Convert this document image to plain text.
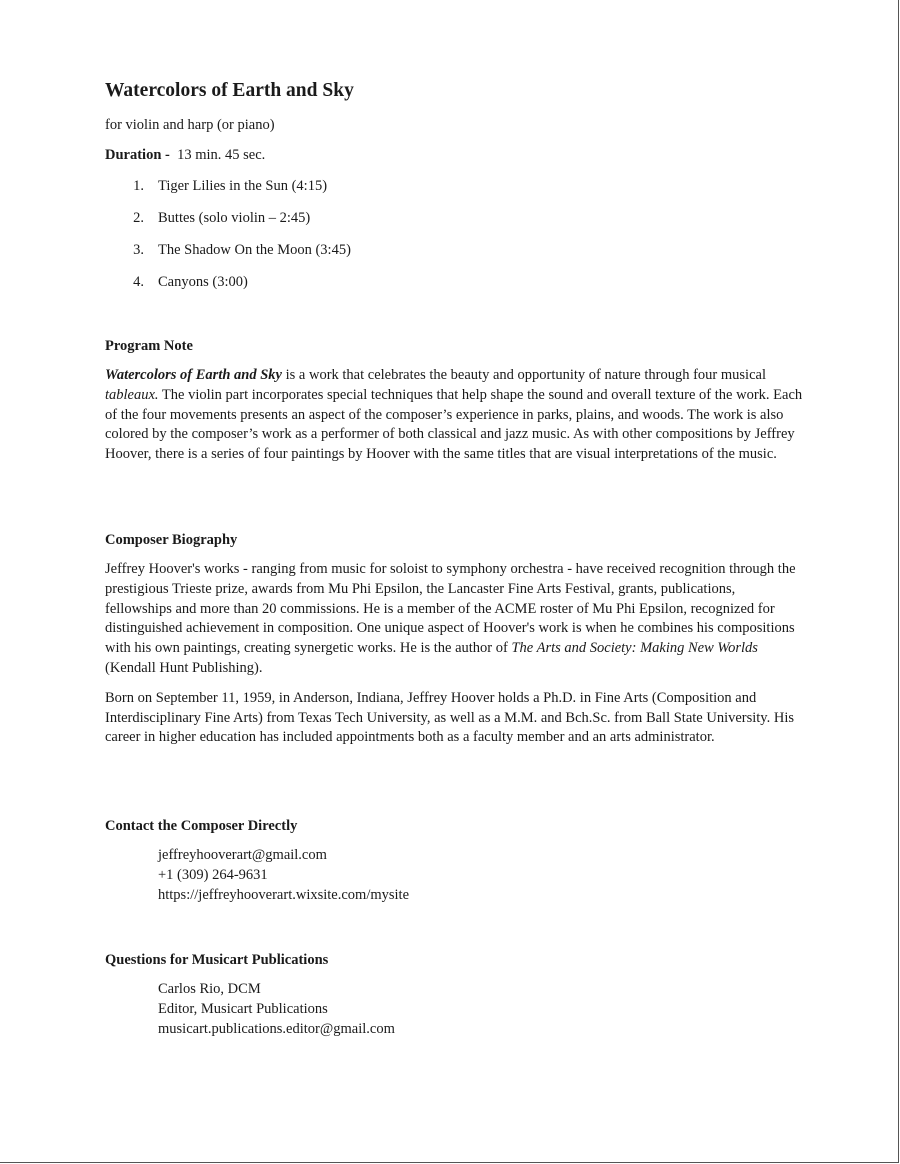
Watercolors of Earth and Sky
for violin and harp (or piano)
Duration - 13 min. 45 sec.
1. Tiger Lilies in the Sun (4:15)
2. Buttes (solo violin – 2:45)
3. The Shadow On the Moon (3:45)
4. Canyons (3:00)
Program Note

Watercolors of Earth and Sky is a work that celebrates the beauty and opportunity of nature through four musical tableaux. The violin part incorporates special techniques that help shape the sound and overall texture of the work. Each of the four movements presents an aspect of the composer’s experience in parks, plains, and woods. The work is also colored by the composer’s work as a performer of both classical and jazz music. As with other compositions by Jeffrey Hoover, there is a series of four paintings by Hoover with the same titles that are visual interpretations of the music.

Composer Biography

Jeffrey Hoover's works - ranging from music for soloist to symphony orchestra - have received recognition through the prestigious Trieste prize, awards from Mu Phi Epsilon, the Lancaster Fine Arts Festival, grants, publications, fellowships and more than 20 commissions. He is a member of the ACME roster of Mu Phi Epsilon, recognized for distinguished achievement in composition. One unique aspect of Hoover's work is when he combines his compositions with his own paintings, creating synergetic works. He is the author of The Arts and Society: Making New Worlds (Kendall Hunt Publishing).

Born on September 11, 1959, in Anderson, Indiana, Jeffrey Hoover holds a Ph.D. in Fine Arts (Composition and Interdisciplinary Fine Arts) from Texas Tech University, as well as a M.M. and Bch.Sc. from Ball State University. His career in higher education has included appointments both as a faculty member and an arts administrator.

Contact the Composer Directly
jeffreyhooverart@gmail.com
+1 (309) 264-9631
https://jeffreyhooverart.wixsite.com/mysite
Questions for Musicart Publications
Carlos Rio, DCM
Editor, Musicart Publications
musicart.publications.editor@gmail.com
